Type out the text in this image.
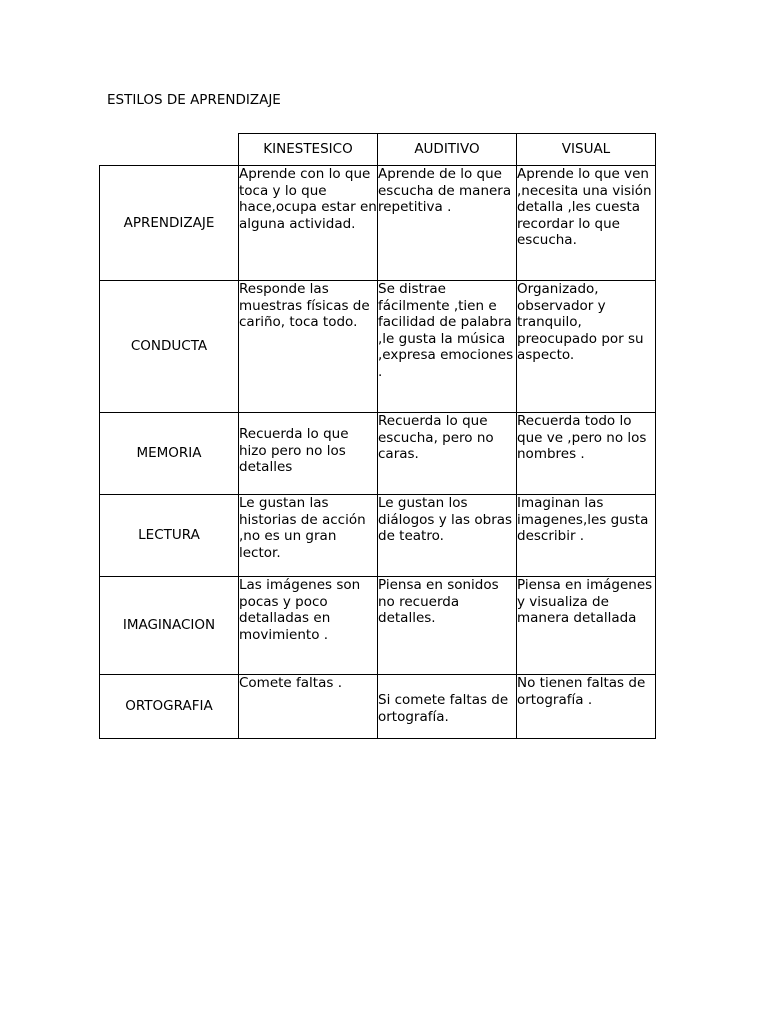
ESTILOS DE APRENDIZAJE
	KINESTESICO	AUDITIVO	VISUAL
APRENDIZAJE	Aprende con lo que toca y lo que hace,ocupa estar en alguna actividad.	Aprende de lo que escucha de manera repetitiva .	Aprende lo que ven ,necesita una visión detalla ,les cuesta recordar lo que escucha.
CONDUCTA	Responde las muestras físicas de cariño, toca todo.	Se distrae fácilmente ,tien e facilidad de palabra ,le gusta la música ,expresa emociones .	Organizado, observador y tranquilo, preocupado por su aspecto.
MEMORIA	Recuerda lo que hizo pero no los detalles	Recuerda lo que escucha, pero no caras.	Recuerda todo lo que ve ,pero no los nombres .
LECTURA	Le gustan las historias de acción ,no es un gran lector.	Le gustan los diálogos y las obras de teatro.	Imaginan las imagenes,les gusta describir .
IMAGINACION	Las imágenes son pocas y poco detalladas en movimiento .	Piensa en sonidos no recuerda detalles.	Piensa en imágenes y visualiza de manera detallada
ORTOGRAFIA	Comete faltas .	Si comete faltas de ortografía.	No tienen faltas de ortografía .
